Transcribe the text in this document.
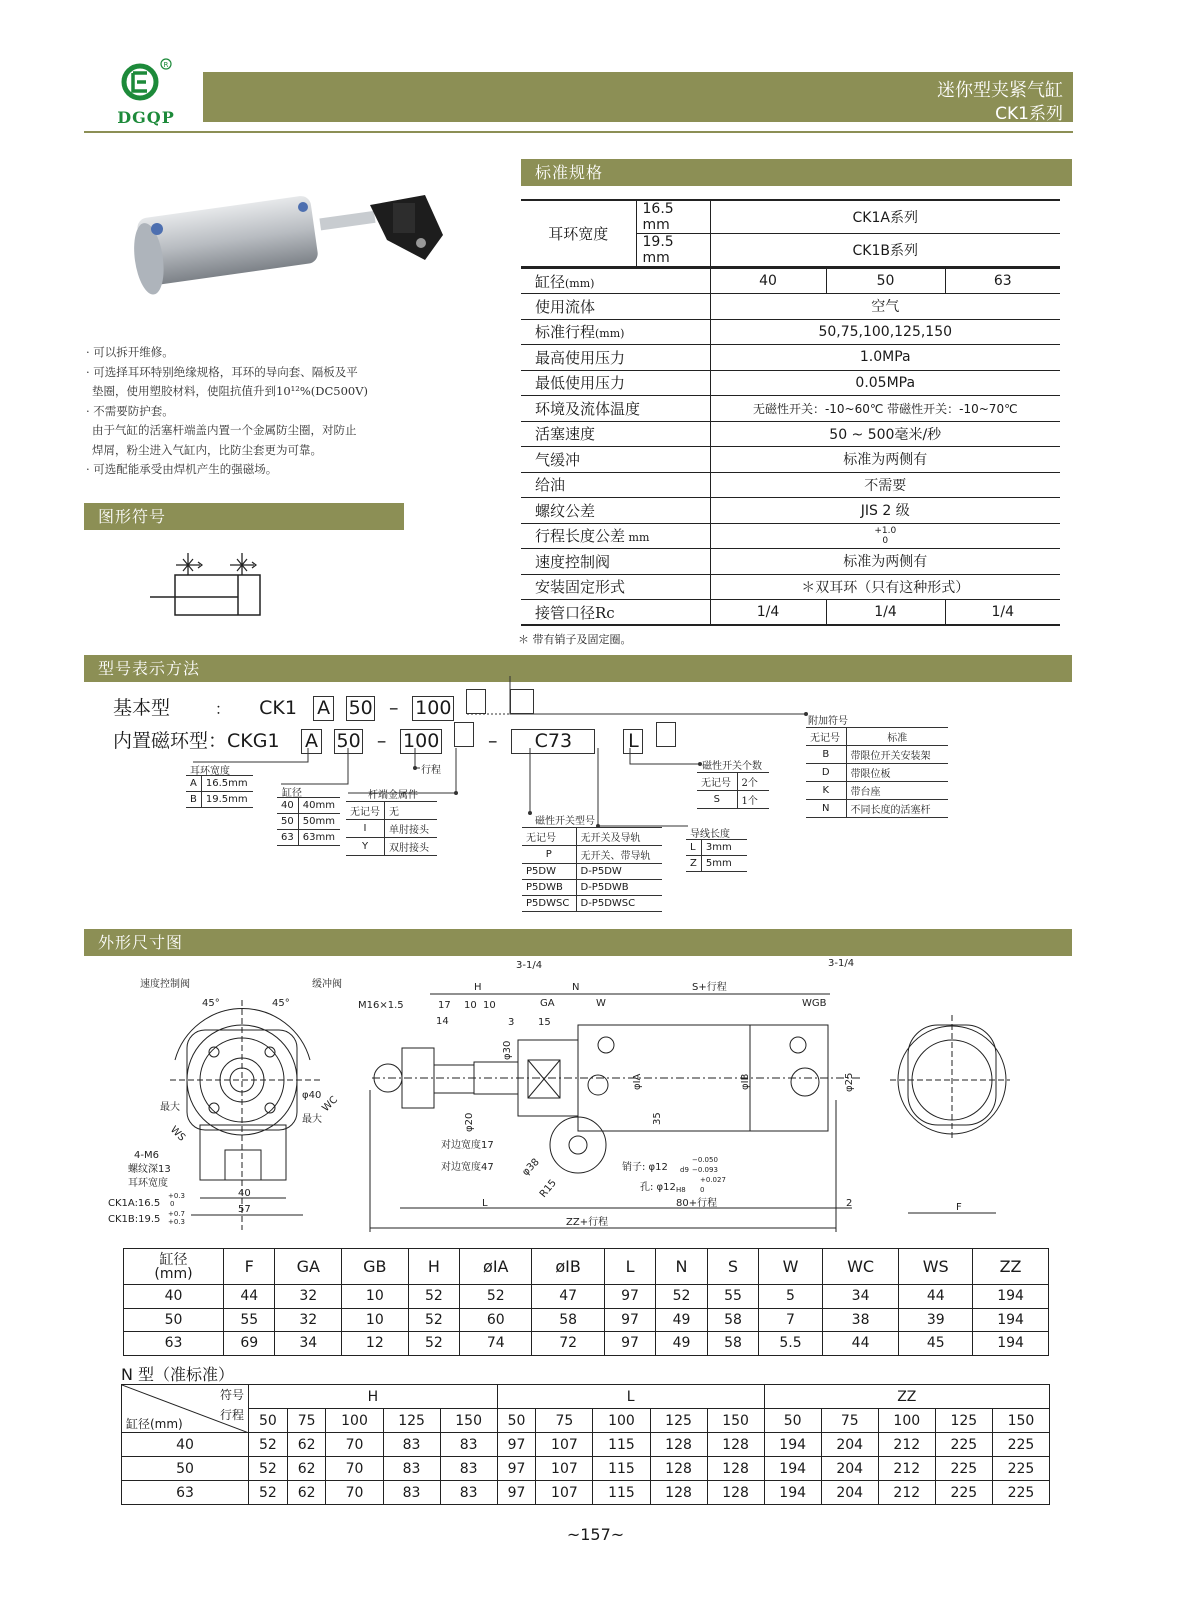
R
DGQP
迷你型夹紧气缸
CK1系列
· 可以拆开维修。
· 可选择耳环特别绝缘规格，耳环的导向套、隔板及平
垫圈，使用塑胶材料，使阻抗值升到10¹²%(DC500V)
· 不需要防护套。
由于气缸的活塞杆端盖内置一个金属防尘圈，对防止
焊屑，粉尘进入气缸内，比防尘套更为可靠。
· 可选配能承受由焊机产生的强磁场。
图形符号
标准规格
耳环宽度	16.5 mm	CK1A系列
	19.5 mm	CK1B系列
缸径(mm)	40	50	63
使用流体	空气		
标准行程(mm)	50,75,100,125,150		
最高使用压力	1.0MPa		
最低使用压力	0.05MPa		
环境及流体温度	无磁性开关：-10~60℃ 带磁性开关：-10~70℃		
活塞速度	50 ~ 500毫米/秒		
气缓冲	标准为两侧有		
给油	不需要		
螺纹公差	JIS 2 级		
行程长度公差 mm	+1.0
0		

速度控制阀	标准为两侧有		
安装固定形式	＊双耳环（只有这种形式）		
接管口径Rc	1/4	1/4	1/4
＊ 带有销子及固定圈。
型号表示方法
基本型	： CK1 A 50 – 100
内置磁环型：CKG1 A 50 – 100	– C73	L
行程
耳环宽度
A	16.5mm
B	19.5mm
缸径
40	40mm
50	50mm
63	63mm
杆端金属件
无记号	无
I	单肘接头
Y	双肘接头
磁性开关型号
无记号	无开关及导轨
P	无开关、带导轨
P5DW	D-P5DW
P5DWB	D-P5DWB
P5DWSC	D-P5DWSC
导线长度
L	3mm
Z	5mm
磁性开关个数
无记号	2个
S	1个
附加符号
无记号	标准
B	带限位开关安装架
D	带限位板
K	带台座
N	不同长度的活塞杆
外形尺寸图
速度控制阀	缓冲阀
45°	45°	M16×1.5
H
3-1/4
N	S+行程
3-1/4
17 10 10	GA	W	WGB
14	3 15
φ30
φ40
φIA	φIB	φ25
35
φ20
最大
最大
WC
WS
对边宽度17
对边宽度47	φ38
R15
销子: φ12 d9
−0.050
−0.093
孔: φ12 H8
+0.027
0
80+行程
L
ZZ+行程
2	F
4-M6
螺纹深13
耳环宽度
40
57
CK1A:16.5
+0.3
0
CK1B:19.5 +0.7
+0.3
缸径
(mm)	F	GA	GB	H	øIA	øIB	L	N	S	W	WC	WS	ZZ
40	44	32	10	52	52	47	97	52	55	5	34	44	194
50	55	32	10	52	60	58	97	49	58	7	38	39	194
63	69	34	12	52	74	72	97	49	58	5.5	44	45	194
N 型（准标准）
符号
行程
缸径(mm)	H					L					ZZ				
	50	75	100	125	150	50	75	100	125	150	50	75	100	125	150
40	52	62	70	83	83	97	107	115	128	128	194	204	212	225	225
50	52	62	70	83	83	97	107	115	128	128	194	204	212	225	225
63	52	62	70	83	83	97	107	115	128	128	194	204	212	225	225
~157~
